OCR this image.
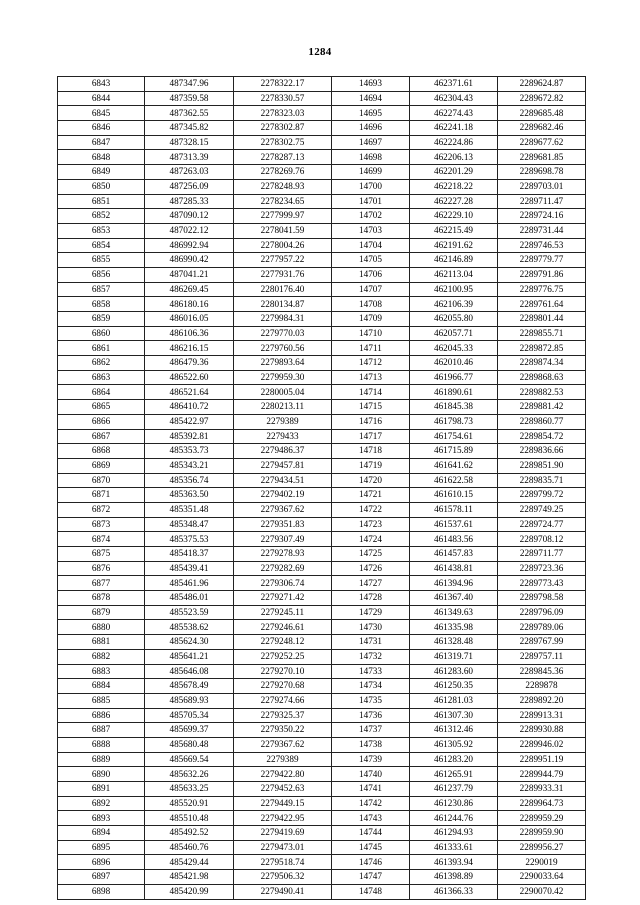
1284
6843	487347.96	2278322.17	14693	462371.61	2289624.87
6844	487359.58	2278330.57	14694	462304.43	2289672.82
6845	487362.55	2278323.03	14695	462274.43	2289685.48
6846	487345.82	2278302.87	14696	462241.18	2289682.46
6847	487328.15	2278302.75	14697	462224.86	2289677.62
6848	487313.39	2278287.13	14698	462206.13	2289681.85
6849	487263.03	2278269.76	14699	462201.29	2289698.78
6850	487256.09	2278248.93	14700	462218.22	2289703.01
6851	487285.33	2278234.65	14701	462227.28	2289711.47
6852	487090.12	2277999.97	14702	462229.10	2289724.16
6853	487022.12	2278041.59	14703	462215.49	2289731.44
6854	486992.94	2278004.26	14704	462191.62	2289746.53
6855	486990.42	2277957.22	14705	462146.89	2289779.77
6856	487041.21	2277931.76	14706	462113.04	2289791.86
6857	486269.45	2280176.40	14707	462100.95	2289776.75
6858	486180.16	2280134.87	14708	462106.39	2289761.64
6859	486016.05	2279984.31	14709	462055.80	2289801.44
6860	486106.36	2279770.03	14710	462057.71	2289855.71
6861	486216.15	2279760.56	14711	462045.33	2289872.85
6862	486479.36	2279893.64	14712	462010.46	2289874.34
6863	486522.60	2279959.30	14713	461966.77	2289868.63
6864	486521.64	2280005.04	14714	461890.61	2289882.53
6865	486410.72	2280213.11	14715	461845.38	2289881.42
6866	485422.97	2279389	14716	461798.73	2289860.77
6867	485392.81	2279433	14717	461754.61	2289854.72
6868	485353.73	2279486.37	14718	461715.89	2289836.66
6869	485343.21	2279457.81	14719	461641.62	2289851.90
6870	485356.74	2279434.51	14720	461622.58	2289835.71
6871	485363.50	2279402.19	14721	461610.15	2289799.72
6872	485351.48	2279367.62	14722	461578.11	2289749.25
6873	485348.47	2279351.83	14723	461537.61	2289724.77
6874	485375.53	2279307.49	14724	461483.56	2289708.12
6875	485418.37	2279278.93	14725	461457.83	2289711.77
6876	485439.41	2279282.69	14726	461438.81	2289723.36
6877	485461.96	2279306.74	14727	461394.96	2289773.43
6878	485486.01	2279271.42	14728	461367.40	2289798.58
6879	485523.59	2279245.11	14729	461349.63	2289796.09
6880	485538.62	2279246.61	14730	461335.98	2289789.06
6881	485624.30	2279248.12	14731	461328.48	2289767.99
6882	485641.21	2279252.25	14732	461319.71	2289757.11
6883	485646.08	2279270.10	14733	461283.60	2289845.36
6884	485678.49	2279270.68	14734	461250.35	2289878
6885	485689.93	2279274.66	14735	461281.03	2289892.20
6886	485705.34	2279325.37	14736	461307.30	2289913.31
6887	485699.37	2279350.22	14737	461312.46	2289930.88
6888	485680.48	2279367.62	14738	461305.92	2289946.02
6889	485669.54	2279389	14739	461283.20	2289951.19
6890	485632.26	2279422.80	14740	461265.91	2289944.79
6891	485633.25	2279452.63	14741	461237.79	2289933.31
6892	485520.91	2279449.15	14742	461230.86	2289964.73
6893	485510.48	2279422.95	14743	461244.76	2289959.29
6894	485492.52	2279419.69	14744	461294.93	2289959.90
6895	485460.76	2279473.01	14745	461333.61	2289956.27
6896	485429.44	2279518.74	14746	461393.94	2290019
6897	485421.98	2279506.32	14747	461398.89	2290033.64
6898	485420.99	2279490.41	14748	461366.33	2290070.42
